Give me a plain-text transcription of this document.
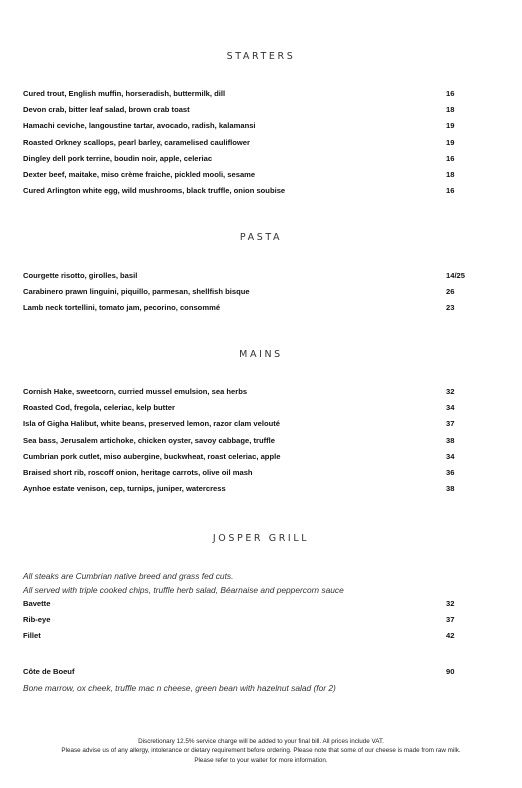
STARTERS
Cured trout, English muffin, horseradish, buttermilk, dill	16
Devon crab, bitter leaf salad, brown crab toast	18
Hamachi ceviche, langoustine tartar, avocado, radish, kalamansi	19
Roasted Orkney scallops, pearl barley, caramelised cauliflower	19
Dingley dell pork terrine, boudin noir, apple, celeriac	16
Dexter beef, maitake, miso crème fraiche, pickled mooli, sesame	18
Cured Arlington white egg, wild mushrooms, black truffle, onion soubise	16
PASTA
Courgette risotto, girolles, basil	14/25
Carabinero prawn linguini, piquillo, parmesan, shellfish bisque	26
Lamb neck tortellini, tomato jam, pecorino, consommé	23
MAINS
Cornish Hake, sweetcorn, curried mussel emulsion, sea herbs	32
Roasted Cod, fregola, celeriac, kelp butter	34
Isla of Gigha Halibut, white beans, preserved lemon, razor clam velouté	37
Sea bass, Jerusalem artichoke, chicken oyster, savoy cabbage, truffle	38
Cumbrian pork cutlet, miso aubergine, buckwheat, roast celeriac, apple	34
Braised short rib, roscoff onion, heritage carrots, olive oil mash	36
Aynhoe estate venison, cep, turnips, juniper, watercress	38
JOSPER GRILL
All steaks are Cumbrian native breed and grass fed cuts.
All served with triple cooked chips, truffle herb salad, Béarnaise and peppercorn sauce
Bavette	32
Rib-eye	37
Fillet	42
Côte de Boeuf	90
Bone marrow, ox cheek, truffle mac n cheese, green bean with hazelnut salad (for 2)
Discretionary 12.5% service charge will be added to your final bill. All prices include VAT.
Please advise us of any allergy, intolerance or dietary requirement before ordering. Please note that some of our cheese is made from raw milk.
Please refer to your waiter for more information.
